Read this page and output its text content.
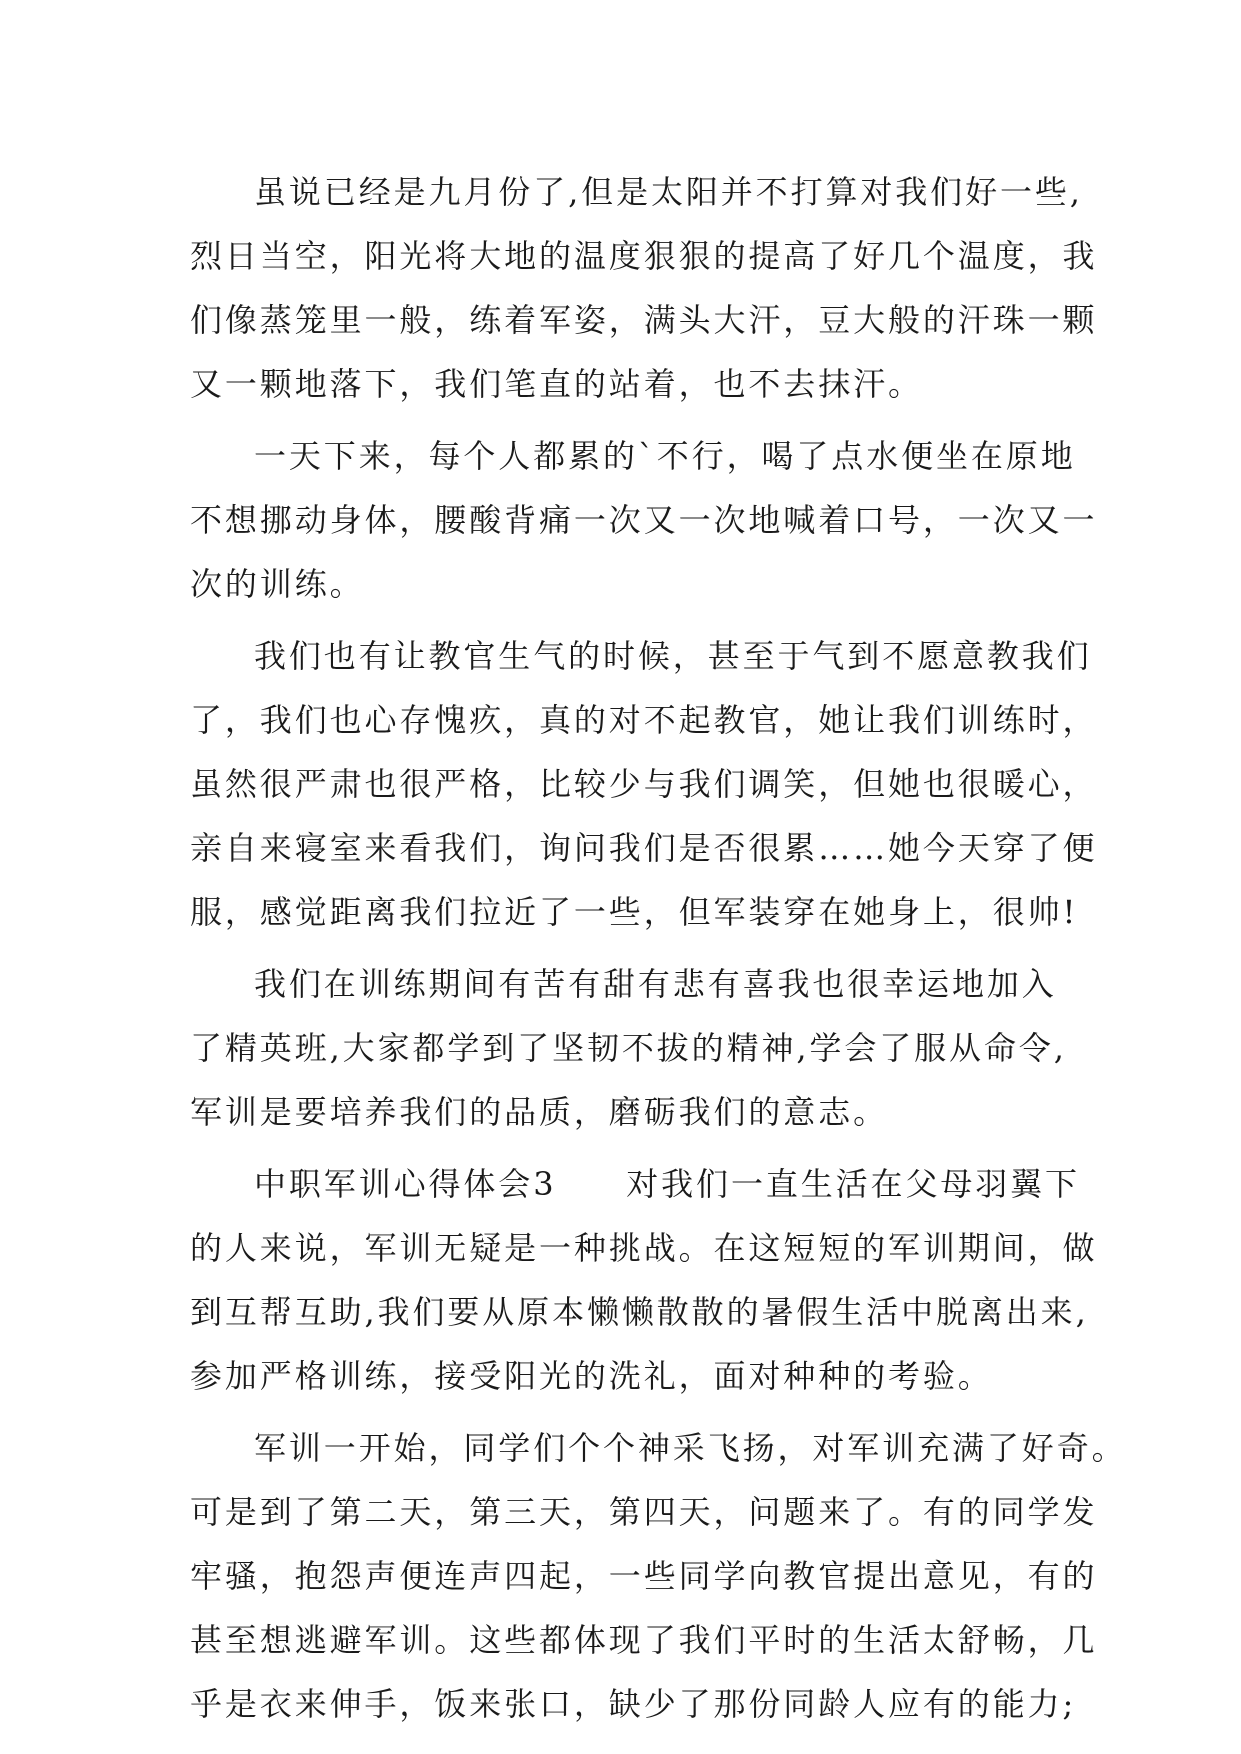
虽说已经是九月份了,但是太阳并不打算对我们好一些,
烈日当空，阳光将大地的温度狠狠的提高了好几个温度，我
们像蒸笼里一般，练着军姿，满头大汗，豆大般的汗珠一颗
又一颗地落下，我们笔直的站着，也不去抹汗。
一天下来，每个人都累的`不行，喝了点水便坐在原地
不想挪动身体，腰酸背痛一次又一次地喊着口号，一次又一
次的训练。
我们也有让教官生气的时候，甚至于气到不愿意教我们
了，我们也心存愧疚，真的对不起教官，她让我们训练时，
虽然很严肃也很严格，比较少与我们调笑，但她也很暖心，
亲自来寝室来看我们，询问我们是否很累……她今天穿了便
服，感觉距离我们拉近了一些，但军装穿在她身上，很帅!
我们在训练期间有苦有甜有悲有喜我也很幸运地加入
了精英班,大家都学到了坚韧不拔的精神,学会了服从命令,
军训是要培养我们的品质，磨砺我们的意志。
中职军训心得体会3　　对我们一直生活在父母羽翼下
的人来说，军训无疑是一种挑战。在这短短的军训期间，做
到互帮互助,我们要从原本懒懒散散的暑假生活中脱离出来,
参加严格训练，接受阳光的洗礼，面对种种的考验。
军训一开始，同学们个个神采飞扬，对军训充满了好奇。
可是到了第二天，第三天，第四天，问题来了。有的同学发
牢骚，抱怨声便连声四起，一些同学向教官提出意见，有的
甚至想逃避军训。这些都体现了我们平时的生活太舒畅，几
乎是衣来伸手，饭来张口，缺少了那份同龄人应有的能力;
